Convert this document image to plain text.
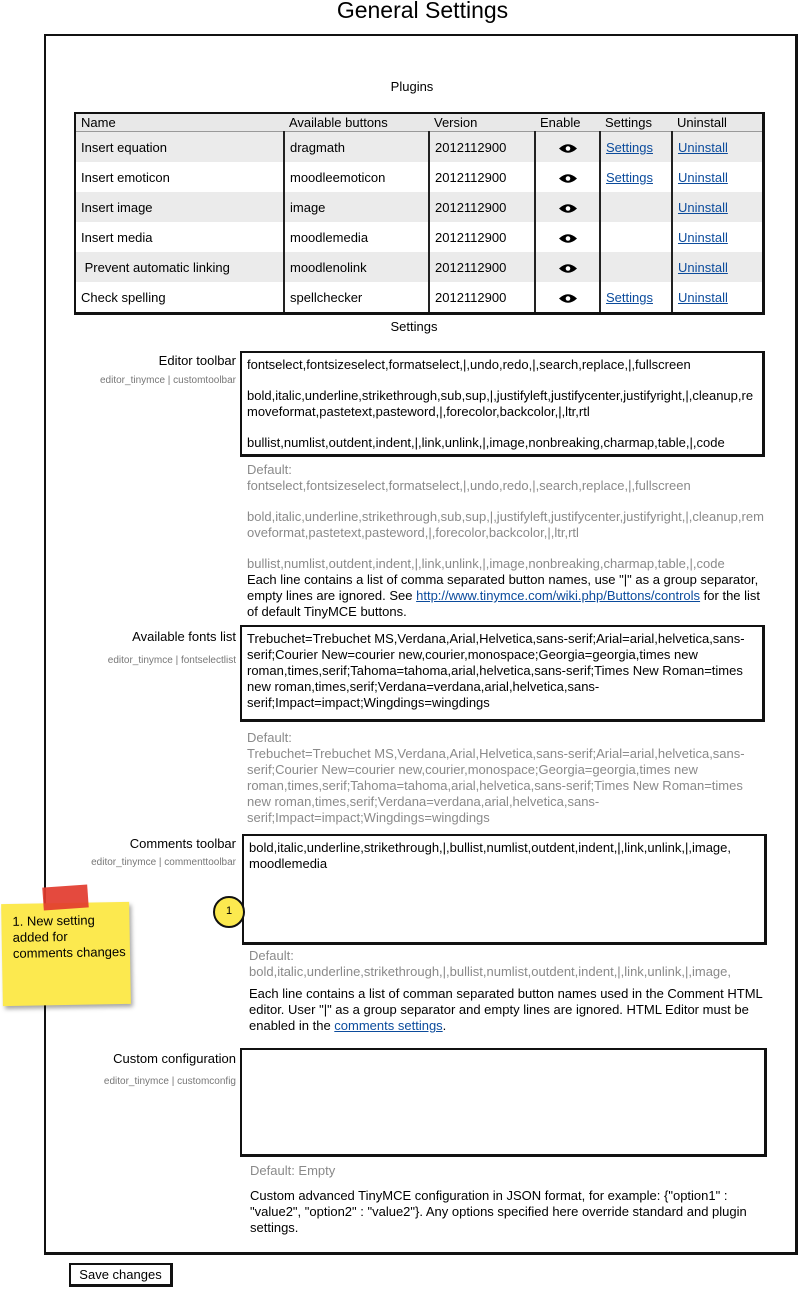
General Settings
Plugins
Name	Available buttons	Version	Enable	Settings	Uninstall
Insert equation	dragmath	2012112900		Settings	Uninstall
Insert emoticon	moodleemoticon	2012112900		Settings	Uninstall
Insert image	image	2012112900			Uninstall
Insert media	moodlemedia	2012112900			Uninstall
Prevent automatic linking	moodlenolink	2012112900			Uninstall
Check spelling	spellchecker	2012112900		Settings	Uninstall
Settings
Editor toolbar
editor_tinymce | customtoolbar
fontselect,fontsizeselect,formatselect,|,undo,redo,|,search,replace,|,fullscreen
bold,italic,underline,strikethrough,sub,sup,|,justifyleft,justifycenter,justifyright,|,cleanup,removeformat,pastetext,pasteword,|,forecolor,backcolor,|,ltr,rtl
bullist,numlist,outdent,indent,|,link,unlink,|,image,nonbreaking,charmap,table,|,code
Default:
fontselect,fontsizeselect,formatselect,|,undo,redo,|,search,replace,|,fullscreen
bold,italic,underline,strikethrough,sub,sup,|,justifyleft,justifycenter,justifyright,|,cleanup,removeformat,pastetext,pasteword,|,forecolor,backcolor,|,ltr,rtl
bullist,numlist,outdent,indent,|,link,unlink,|,image,nonbreaking,charmap,table,|,code
Each line contains a list of comma separated button names, use "|" as a group separator, empty lines are ignored. See http://www.tinymce.com/wiki.php/Buttons/controls for the list of default TinyMCE buttons.
Available fonts list
editor_tinymce | fontselectlist
Trebuchet=Trebuchet MS,Verdana,Arial,Helvetica,sans-serif;Arial=arial,helvetica,sans-serif;Courier New=courier new,courier,monospace;Georgia=georgia,times new roman,times,serif;Tahoma=tahoma,arial,helvetica,sans-serif;Times New Roman=times new roman,times,serif;Verdana=verdana,arial,helvetica,sans-serif;Impact=impact;Wingdings=wingdings
Default:
Trebuchet=Trebuchet MS,Verdana,Arial,Helvetica,sans-serif;Arial=arial,helvetica,sans-serif;Courier New=courier new,courier,monospace;Georgia=georgia,times new roman,times,serif;Tahoma=tahoma,arial,helvetica,sans-serif;Times New Roman=times new roman,times,serif;Verdana=verdana,arial,helvetica,sans-serif;Impact=impact;Wingdings=wingdings
Comments toolbar
editor_tinymce | commenttoolbar
bold,italic,underline,strikethrough,|,bullist,numlist,outdent,indent,|,link,unlink,|,image, moodlemedia
Default:
bold,italic,underline,strikethrough,|,bullist,numlist,outdent,indent,|,link,unlink,|,image,
Each line contains a list of comman separated button names used in the Comment HTML editor. User "|" as a group separator and empty lines are ignored. HTML Editor must be enabled in the comments settings.
Custom configuration
editor_tinymce | customconfig
Default: Empty
Custom advanced TinyMCE configuration in JSON format, for example: {"option1" : "value2", "option2" : "value2"}. Any options specified here override standard and plugin settings.
1. New setting added for comments changes
1
Save changes
